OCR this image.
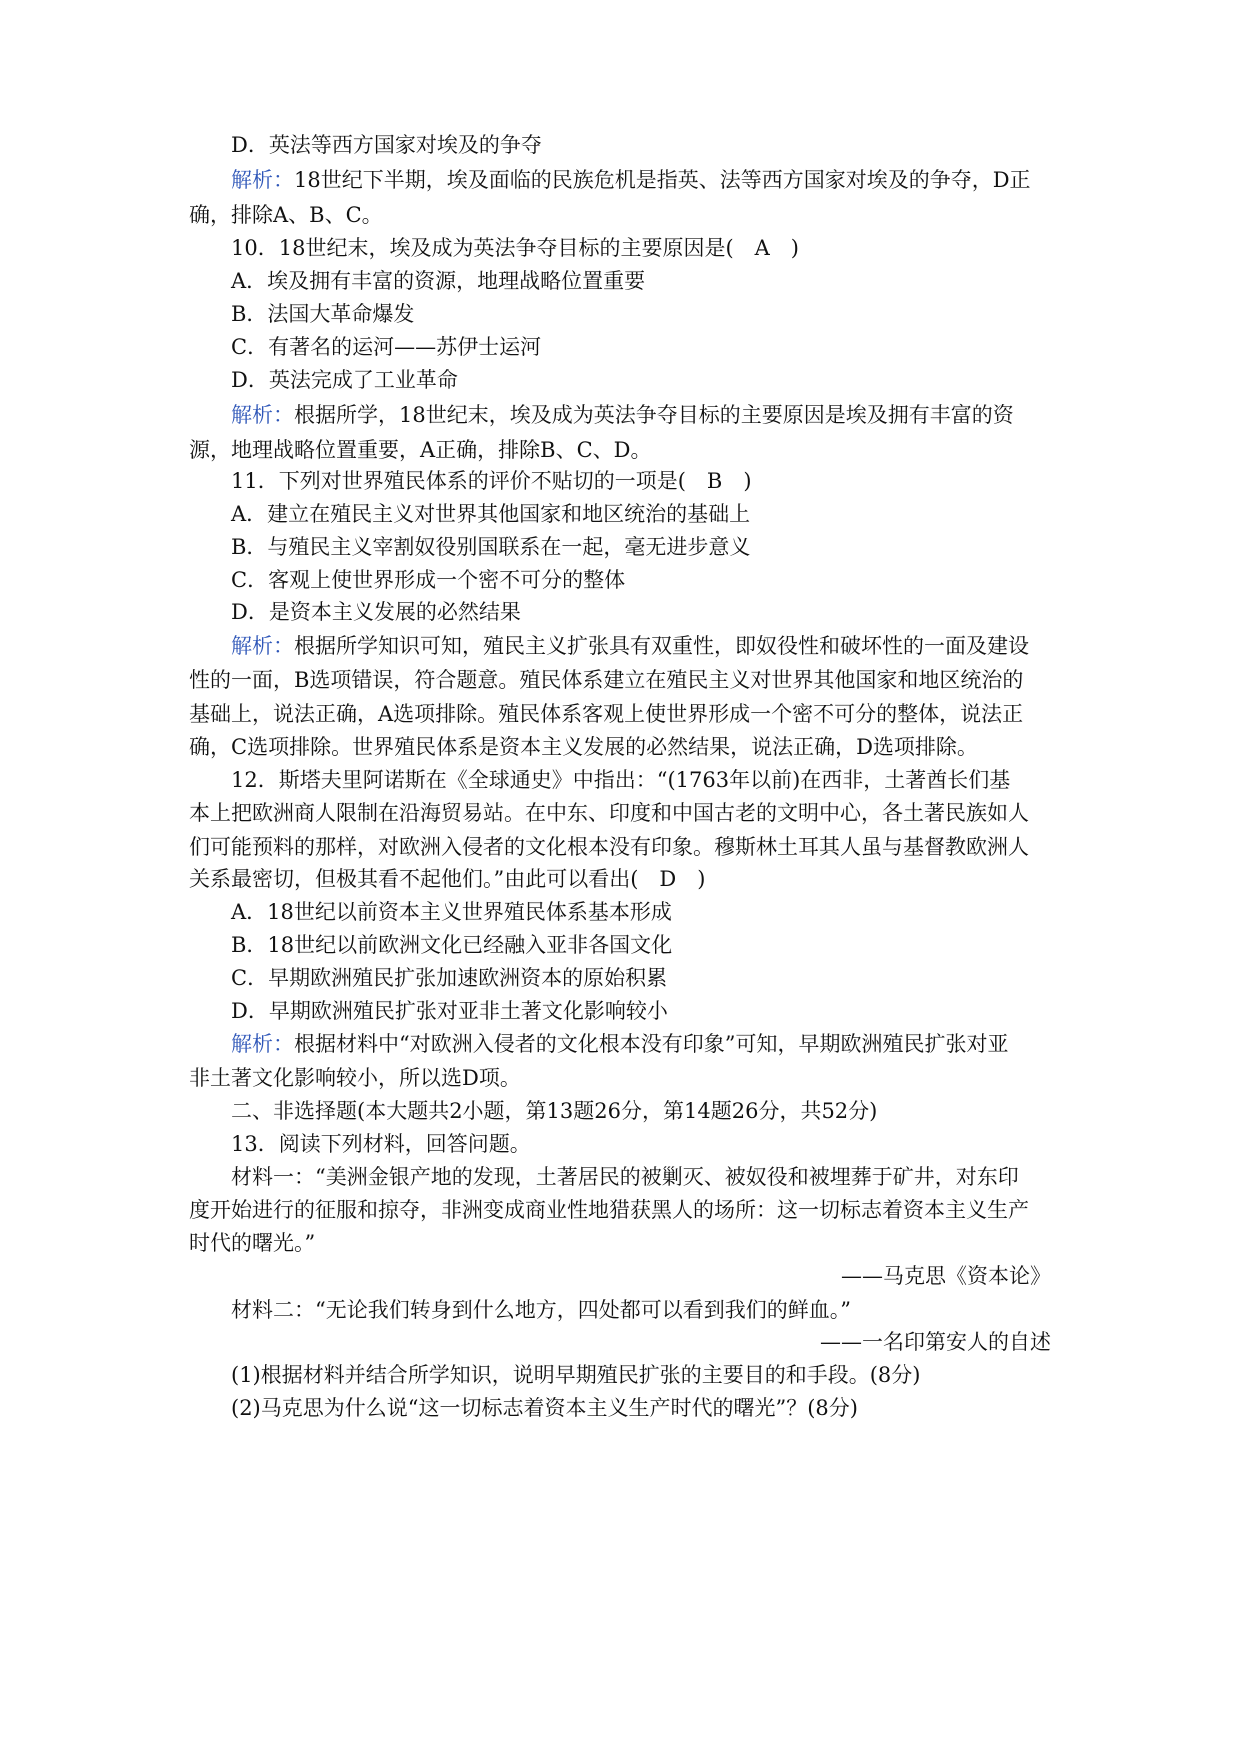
D．英法等西方国家对埃及的争夺
解析：18世纪下半期，埃及面临的民族危机是指英、法等西方国家对埃及的争夺，D正
确，排除A、B、C。
10．18世纪末，埃及成为英法争夺目标的主要原因是(　A　)
A．埃及拥有丰富的资源，地理战略位置重要
B．法国大革命爆发
C．有著名的运河——苏伊士运河
D．英法完成了工业革命
解析：根据所学，18世纪末，埃及成为英法争夺目标的主要原因是埃及拥有丰富的资
源，地理战略位置重要，A正确，排除B、C、D。
11．下列对世界殖民体系的评价不贴切的一项是(　B　)
A．建立在殖民主义对世界其他国家和地区统治的基础上
B．与殖民主义宰割奴役别国联系在一起，毫无进步意义
C．客观上使世界形成一个密不可分的整体
D．是资本主义发展的必然结果
解析：根据所学知识可知，殖民主义扩张具有双重性，即奴役性和破坏性的一面及建设
性的一面，B选项错误，符合题意。殖民体系建立在殖民主义对世界其他国家和地区统治的
基础上，说法正确，A选项排除。殖民体系客观上使世界形成一个密不可分的整体，说法正
确，C选项排除。世界殖民体系是资本主义发展的必然结果，说法正确，D选项排除。
12．斯塔夫里阿诺斯在《全球通史》中指出：“(1763年以前)在西非，土著酋长们基
本上把欧洲商人限制在沿海贸易站。在中东、印度和中国古老的文明中心，各土著民族如人
们可能预料的那样，对欧洲入侵者的文化根本没有印象。穆斯林土耳其人虽与基督教欧洲人
关系最密切，但极其看不起他们。”由此可以看出(　D　)
A．18世纪以前资本主义世界殖民体系基本形成
B．18世纪以前欧洲文化已经融入亚非各国文化
C．早期欧洲殖民扩张加速欧洲资本的原始积累
D．早期欧洲殖民扩张对亚非土著文化影响较小
解析：根据材料中“对欧洲入侵者的文化根本没有印象”可知，早期欧洲殖民扩张对亚
非土著文化影响较小，所以选D项。
二、非选择题(本大题共2小题，第13题26分，第14题26分，共52分)
13．阅读下列材料，回答问题。
材料一：“美洲金银产地的发现，土著居民的被剿灭、被奴役和被埋葬于矿井，对东印
度开始进行的征服和掠夺，非洲变成商业性地猎获黑人的场所：这一切标志着资本主义生产
时代的曙光。”
——马克思《资本论》
材料二：“无论我们转身到什么地方，四处都可以看到我们的鲜血。”
——一名印第安人的自述
(1)根据材料并结合所学知识，说明早期殖民扩张的主要目的和手段。(8分)
(2)马克思为什么说“这一切标志着资本主义生产时代的曙光”？(8分)
